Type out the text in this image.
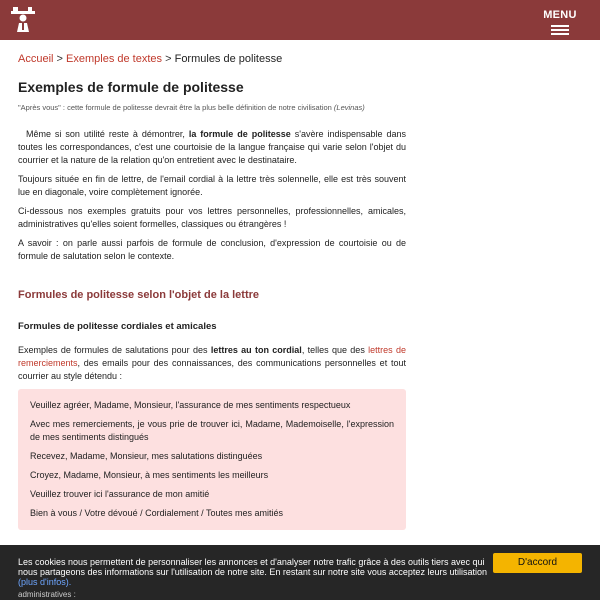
MENU
Accueil > Exemples de textes > Formules de politesse
Exemples de formule de politesse
"Après vous" : cette formule de politesse devrait être la plus belle définition de notre civilisation (Levinas)

Même si son utilité reste à démontrer, la formule de politesse s'avère indispensable dans toutes les correspondances, c'est une courtoisie de la langue française qui varie selon l'objet du courrier et la nature de la relation qu'on entretient avec le destinataire.

Toujours située en fin de lettre, de l'email cordial à la lettre très solennelle, elle est très souvent lue en diagonale, voire complètement ignorée.

Ci-dessous nos exemples gratuits pour vos lettres personnelles, professionnelles, amicales, administratives qu'elles soient formelles, classiques ou étrangères !

A savoir : on parle aussi parfois de formule de conclusion, d'expression de courtoisie ou de formule de salutation selon le contexte.

Formules de politesse selon l'objet de la lettre
Formules de politesse cordiales et amicales

Exemples de formules de salutations pour des lettres au ton cordial, telles que des lettres de remerciements, des emails pour des connaissances, des communications personnelles et tout courrier au style détendu :

Veuillez agréer, Madame, Monsieur, l'assurance de mes sentiments respectueux
Avec mes remerciements, je vous prie de trouver ici, Madame, Mademoiselle, l'expression de mes sentiments distingués
Recevez, Madame, Monsieur, mes salutations distinguées
Croyez, Madame, Monsieur, à mes sentiments les meilleurs
Veuillez trouver ici l'assurance de mon amitié
Bien à vous / Votre dévoué / Cordialement / Toutes mes amitiés
Les cookies nous permettent de personnaliser les annonces et d'analyser notre trafic grâce à des outils tiers avec qui nous partageons des informations sur l'utilisation de notre site. En restant sur notre site vous acceptez leurs utilisation (plus d'infos).
D'accord
administratives :
